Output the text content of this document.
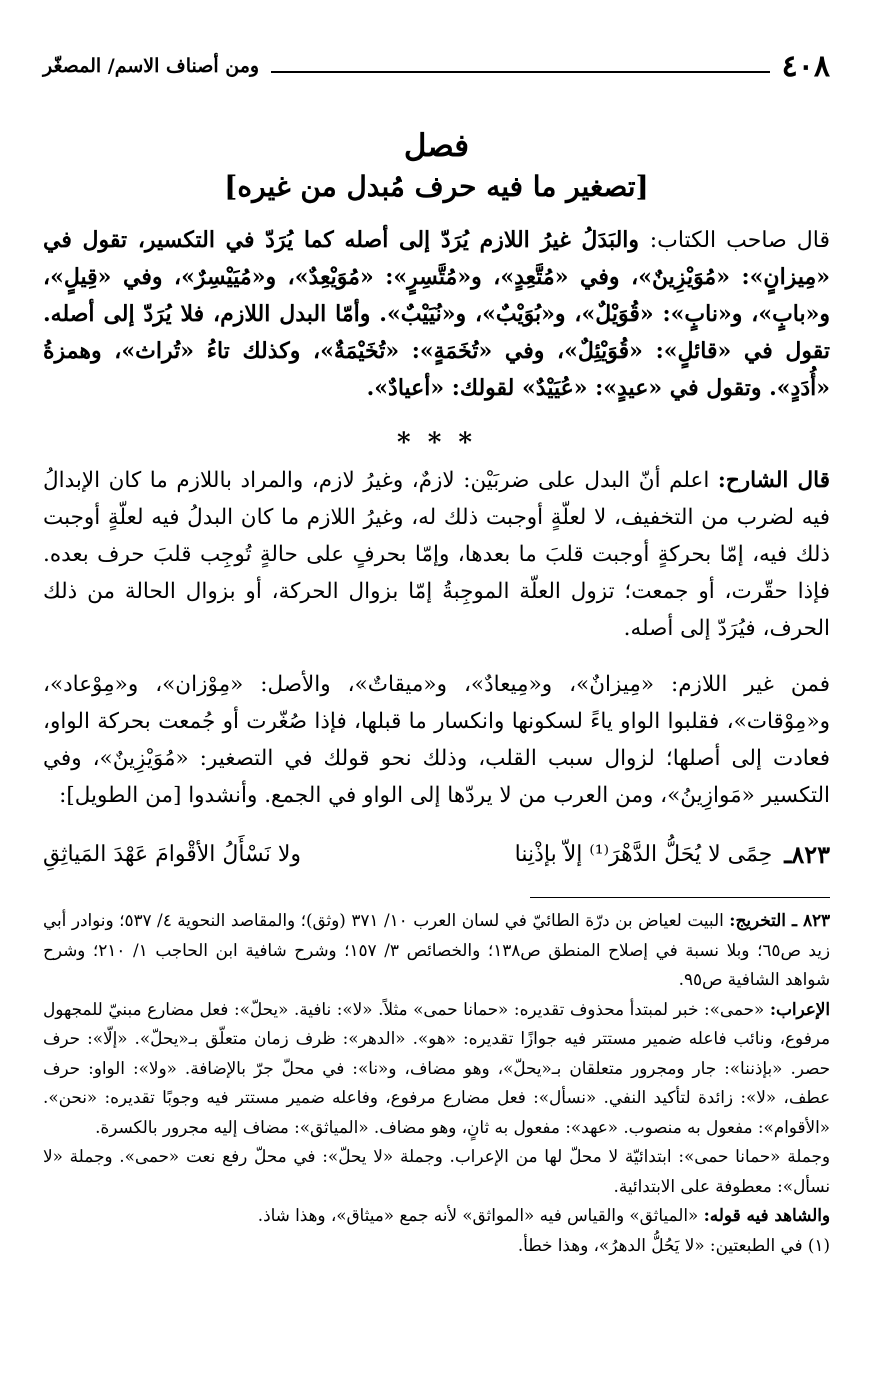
٤٠٨
ومن أصناف الاسم/ المصغّر
فصل
[تصغير ما فيه حرف مُبدل من غيره]
قال صاحب الكتاب: والبَدَلُ غيرُ اللازم يُرَدّ إلى أصله كما يُرَدّ في التكسير، تقول في «مِيزانٍ»: «مُوَيْزِينٌ»، وفي «مُتَّعِدٍ»، و«مُتَّسِرٍ»: «مُوَيْعِدٌ»، و«مُيَيْسِرٌ»، وفي «قِيلٍ»، و«بابٍ»، و«نابٍ»: «قُوَيْلٌ»، و«بُوَيْبٌ»، و«نُيَيْبٌ». وأمّا البدل اللازم، فلا يُرَدّ إلى أصله. تقول في «قائلٍ»: «قُوَيْئِلٌ»، وفي «تُخَمَةٍ»: «تُخَيْمَةٌ»، وكذلك تاءُ «تُراث»، وهمزةُ «أُدَدٍ». وتقول في «عيدٍ»: «عُيَيْدٌ» لقولك: «أعيادٌ».
* * *
قال الشارح: اعلم أنّ البدل على ضربَيْن: لازمٌ، وغيرُ لازم، والمراد باللازم ما كان الإبدالُ فيه لضرب من التخفيف، لا لعلّةٍ أوجبت ذلك له، وغيرُ اللازم ما كان البدلُ فيه لعلّةٍ أوجبت ذلك فيه، إمّا بحركةٍ أوجبت قلبَ ما بعدها، وإمّا بحرفٍ على حالةٍ تُوجِب قلبَ حرف بعده. فإذا حقّرت، أو جمعت؛ تزول العلّة الموجِبةُ إمّا بزوال الحركة، أو بزوال الحالة من ذلك الحرف، فيُرَدّ إلى أصله.
فمن غير اللازم: «مِيزانٌ»، و«مِيعادٌ»، و«ميقاتٌ»، والأصل: «مِوْزان»، و«مِوْعاد»، و«مِوْقات»، فقلبوا الواو ياءً لسكونها وانكسار ما قبلها، فإذا صُغّرت أو جُمعت بحركة الواو، فعادت إلى أصلها؛ لزوال سبب القلب، وذلك نحو قولك في التصغير: «مُوَيْزِينٌ»، وفي التكسير «مَوازِينُ»، ومن العرب من لا يردّها إلى الواو في الجمع. وأنشدوا [من الطويل]:
٨٢٣ـ
حِمًى لا يُحَلُّ الدَّهْرَ⁽¹⁾ إلاّ بإذْنِنا
ولا نَسْأَلُ الأقْوامَ عَهْدَ المَياثِقِ

٨٢٣ ـ التخريج: البيت لعياض بن درّة الطائيّ في لسان العرب ١٠/ ٣٧١ (وثق)؛ والمقاصد النحوية ٤/ ٥٣٧؛ ونوادر أبي زيد ص٦٥؛ وبلا نسبة في إصلاح المنطق ص١٣٨؛ والخصائص ٣/ ١٥٧؛ وشرح شافية ابن الحاجب ١/ ٢١٠؛ وشرح شواهد الشافية ص٩٥.

الإعراب: «حمى»: خبر لمبتدأ محذوف تقديره: «حمانا حمى» مثلاً. «لا»: نافية. «يحلّ»: فعل مضارع مبنيّ للمجهول مرفوع، ونائب فاعله ضمير مستتر فيه جوازًا تقديره: «هو». «الدهر»: ظرف زمان متعلّق بـ«يحلّ». «إلّا»: حرف حصر. «بإذننا»: جار ومجرور متعلقان بـ«يحلّ»، وهو مضاف، و«نا»: في محلّ جرّ بالإضافة. «ولا»: الواو: حرف عطف، «لا»: زائدة لتأكيد النفي. «نسأل»: فعل مضارع مرفوع، وفاعله ضمير مستتر فيه وجوبًا تقديره: «نحن». «الأقوام»: مفعول به منصوب. «عهد»: مفعول به ثانٍ، وهو مضاف. «المياثق»: مضاف إليه مجرور بالكسرة.

وجملة «حمانا حمى»: ابتدائيّة لا محلّ لها من الإعراب. وجملة «لا يحلّ»: في محلّ رفع نعت «حمى». وجملة «لا نسأل»: معطوفة على الابتدائية.

والشاهد فيه قوله: «المياثق» والقياس فيه «المواثق» لأنه جمع «ميثاق»، وهذا شاذ.

(١) في الطبعتين: «لا يَحُلُّ الدهرُ»، وهذا خطأ.
